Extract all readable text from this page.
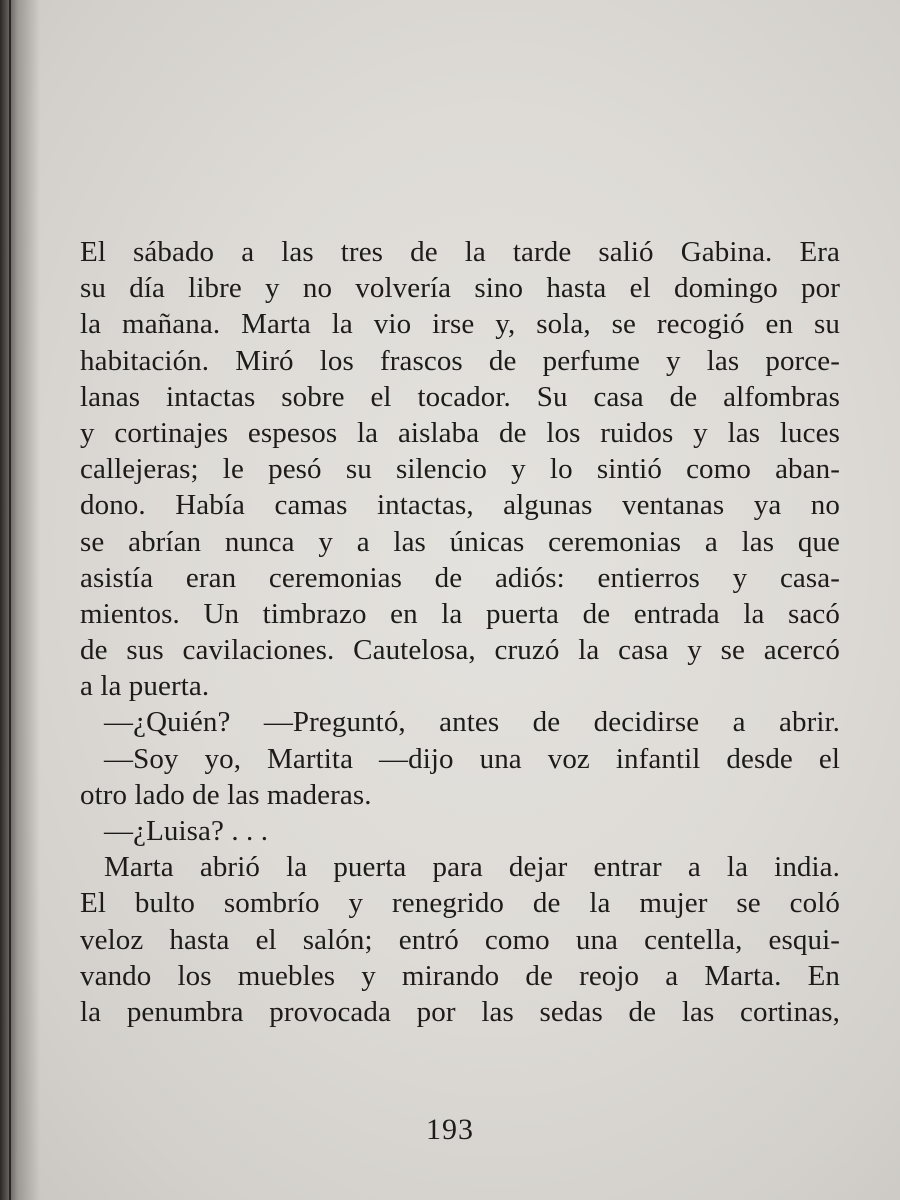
El sábado a las tres de la tarde salió Gabina. Era
su día libre y no volvería sino hasta el domingo por
la mañana. Marta la vio irse y, sola, se recogió en su
habitación. Miró los frascos de perfume y las porce-
lanas intactas sobre el tocador. Su casa de alfombras
y cortinajes espesos la aislaba de los ruidos y las luces
callejeras; le pesó su silencio y lo sintió como aban-
dono. Había camas intactas, algunas ventanas ya no
se abrían nunca y a las únicas ceremonias a las que
asistía eran ceremonias de adiós: entierros y casa-
mientos. Un timbrazo en la puerta de entrada la sacó
de sus cavilaciones. Cautelosa, cruzó la casa y se acercó
a la puerta.
—¿Quién? —Preguntó, antes de decidirse a abrir.
—Soy yo, Martita —dijo una voz infantil desde el
otro lado de las maderas.
—¿Luisa? . . .
Marta abrió la puerta para dejar entrar a la india.
El bulto sombrío y renegrido de la mujer se coló
veloz hasta el salón; entró como una centella, esqui-
vando los muebles y mirando de reojo a Marta. En
la penumbra provocada por las sedas de las cortinas,
193
